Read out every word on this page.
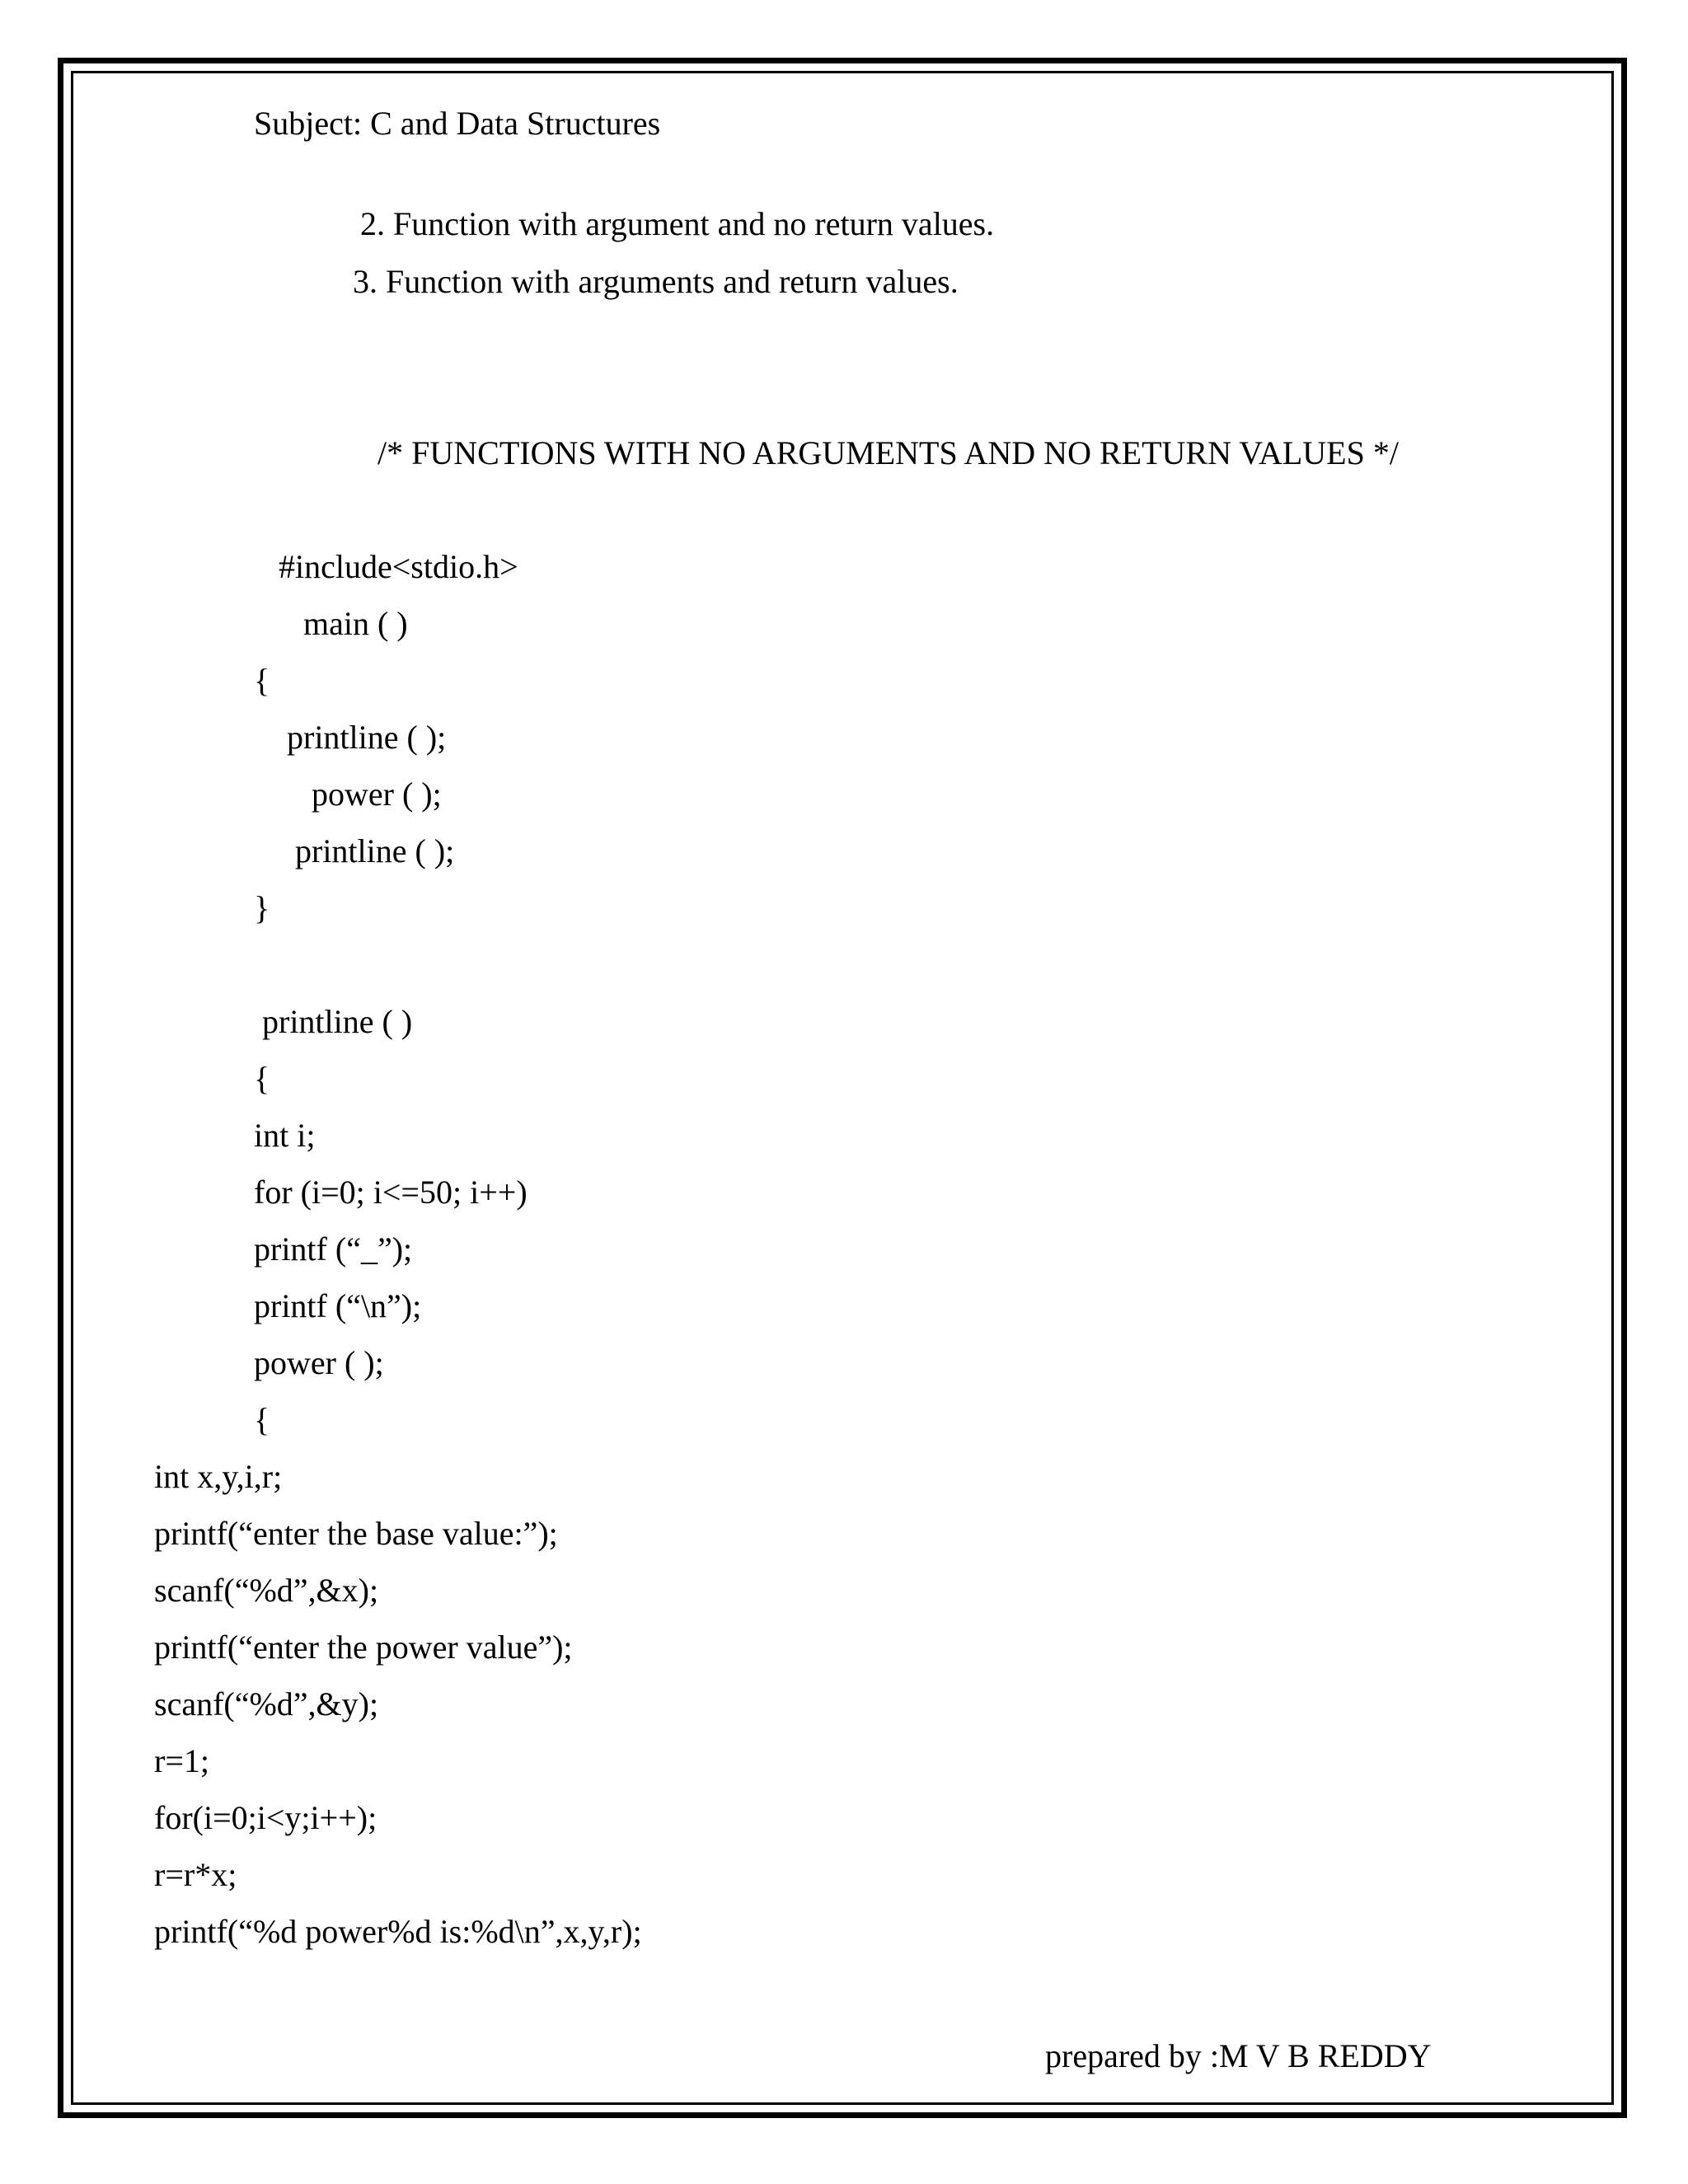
Subject: C and Data Structures
2. Function with argument and no return values.
3. Function with arguments and return values.
/* FUNCTIONS WITH NO ARGUMENTS AND NO RETURN VALUES */
#include<stdio.h>
main ( )
{
printline ( );
power ( );
printline ( );
}
printline ( )
{
int i;
for (i=0; i<=50; i++)
printf (“_”);
printf (“\n”);
power ( );
{
int x,y,i,r;
printf(“enter the base value:”);
scanf(“%d”,&x);
printf(“enter the power value”);
scanf(“%d”,&y);
r=1;
for(i=0;i<y;i++);
r=r*x;
printf(“%d power%d is:%d\n”,x,y,r);
prepared by :M V B REDDY
